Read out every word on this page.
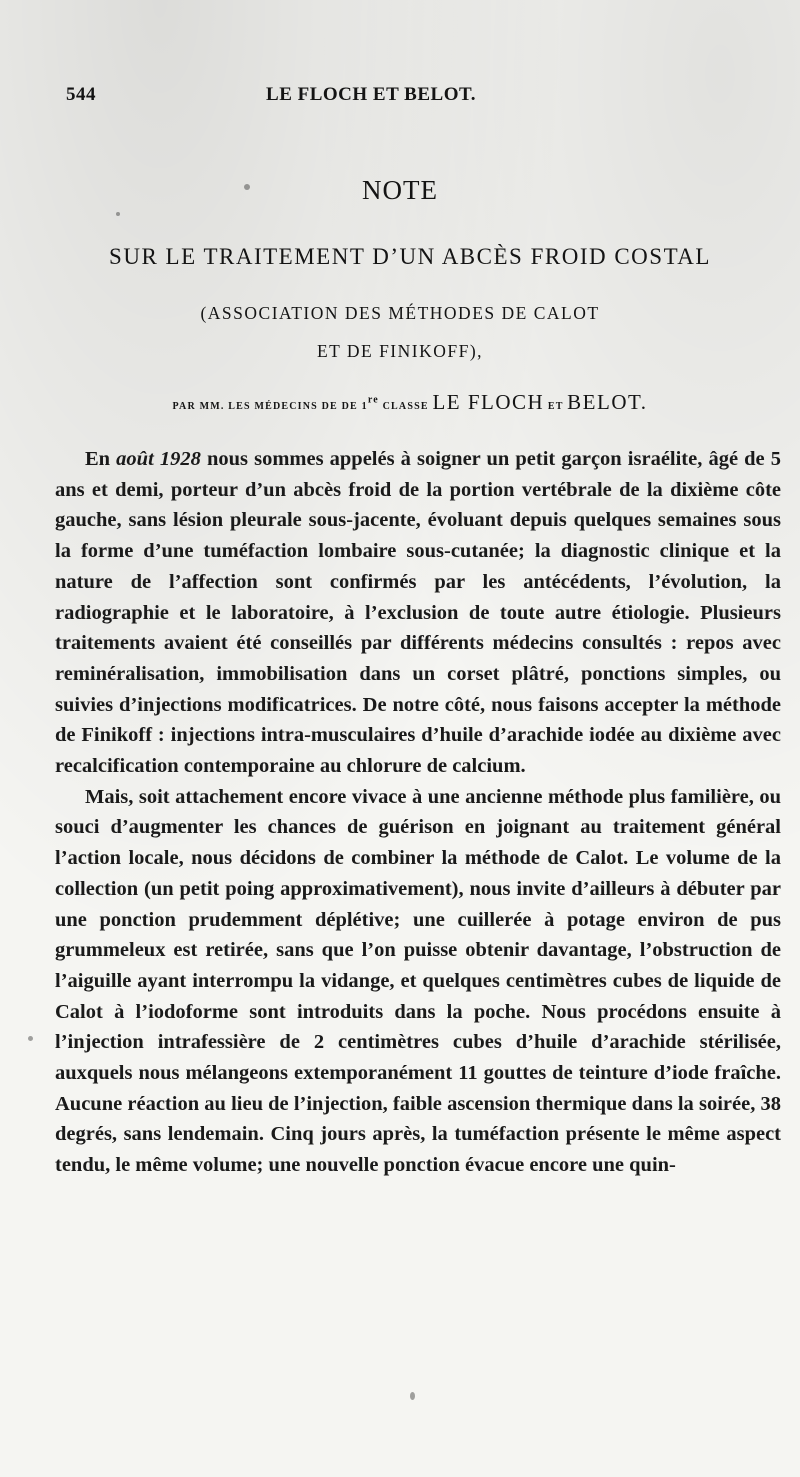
544	LE FLOCH ET BELOT.
NOTE
SUR LE TRAITEMENT D’UN ABCÈS FROID COSTAL
(ASSOCIATION DES MÉTHODES DE CALOT
ET DE FINIKOFF),
PAR MM. LES MÉDECINS DE DE 1re CLASSE LE FLOCH ET BELOT.

En août 1928 nous sommes appelés à soigner un petit garçon israélite, âgé de 5 ans et demi, porteur d’un abcès froid de la portion vertébrale de la dixième côte gauche, sans lésion pleurale sous-jacente, évoluant depuis quelques semaines sous la forme d’une tuméfaction lombaire sous-cutanée; la diagnostic clinique et la nature de l’affection sont confirmés par les antécédents, l’évolution, la radiographie et le laboratoire, à l’exclusion de toute autre étiologie. Plusieurs traitements avaient été conseillés par différents médecins consultés : repos avec reminéralisation, immobilisation dans un corset plâtré, ponctions simples, ou suivies d’injections modificatrices. De notre côté, nous faisons accepter la méthode de Finikoff : injections intra-musculaires d’huile d’arachide iodée au dixième avec recalcification contemporaine au chlorure de calcium.

Mais, soit attachement encore vivace à une ancienne méthode plus familière, ou souci d’augmenter les chances de guérison en joignant au traitement général l’action locale, nous décidons de combiner la méthode de Calot. Le volume de la collection (un petit poing approximativement), nous invite d’ailleurs à débuter par une ponction prudemment déplétive; une cuillerée à potage environ de pus grummeleux est retirée, sans que l’on puisse obtenir davantage, l’obstruction de l’aiguille ayant interrompu la vidange, et quelques centimètres cubes de liquide de Calot à l’iodoforme sont introduits dans la poche. Nous procédons ensuite à l’injection intrafessière de 2 centimètres cubes d’huile d’arachide stérilisée, auxquels nous mélangeons extemporanément 11 gouttes de teinture d’iode fraîche. Aucune réaction au lieu de l’injection, faible ascension thermique dans la soirée, 38 degrés, sans lendemain. Cinq jours après, la tuméfaction présente le même aspect tendu, le même volume; une nouvelle ponction évacue encore une quin-
